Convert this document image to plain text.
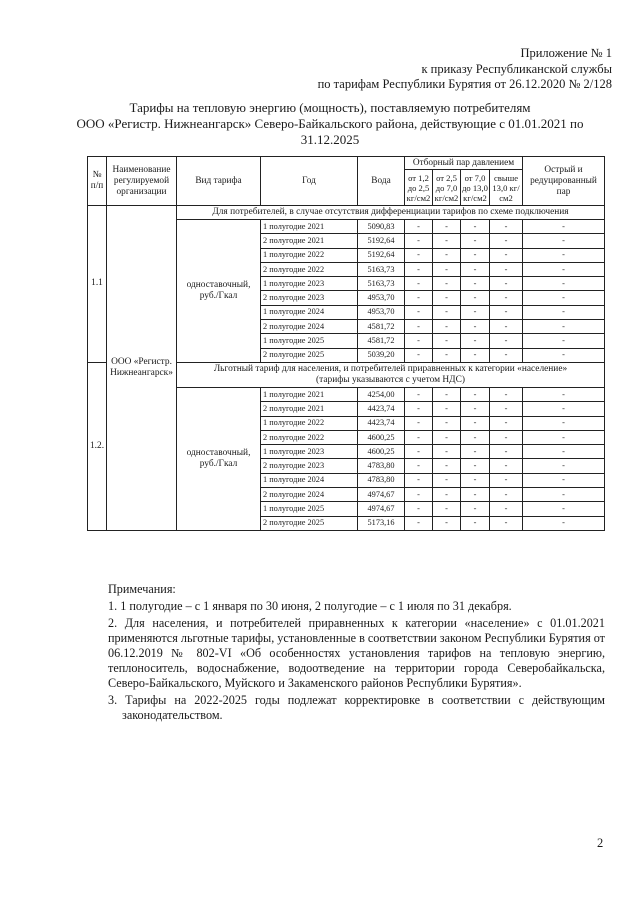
Приложение № 1
к приказу Республиканской службы
по тарифам Республики Бурятия от 26.12.2020 № 2/128
Тарифы на тепловую энергию (мощность), поставляемую потребителям
ООО «Регистр. Нижнеангарск» Северо-Байкальского района, действующие с 01.01.2021 по
31.12.2025
№ п/п	Наименование регулируемой организации	Вид тарифа	Год	Вода	Отборный пар давлением				Острый и редуцированный пар
					от 1,2 до 2,5 кг/см2	от 2,5 до 7,0 кг/см2	от 7,0 до 13,0 кг/см2	свыше 13,0 кг/см2	
1.1	ООО «Регистр. Нижнеангарск»	Для потребителей, в случае отсутствия дифференциации тарифов по схеме подключения							
		одноставочный, руб./Гкал	1 полугодие 2021	5090,83	-	-	-	-	-
			2 полугодие 2021	5192,64	-	-	-	-	-
			1 полугодие 2022	5192,64	-	-	-	-	-
			2 полугодие 2022	5163,73	-	-	-	-	-
			1 полугодие 2023	5163,73	-	-	-	-	-
			2 полугодие 2023	4953,70	-	-	-	-	-
			1 полугодие 2024	4953,70	-	-	-	-	-
			2 полугодие 2024	4581,72	-	-	-	-	-
			1 полугодие 2025	4581,72	-	-	-	-	-
			2 полугодие 2025	5039,20	-	-	-	-	-
1.2.		Льготный тариф для населения, и потребителей приравненных к категории «население»
(тарифы указываются с учетом НДС)							

		одноставочный, руб./Гкал	1 полугодие 2021	4254,00	-	-	-	-	-
			2 полугодие 2021	4423,74	-	-	-	-	-
			1 полугодие 2022	4423,74	-	-	-	-	-
			2 полугодие 2022	4600,25	-	-	-	-	-
			1 полугодие 2023	4600,25	-	-	-	-	-
			2 полугодие 2023	4783,80	-	-	-	-	-
			1 полугодие 2024	4783,80	-	-	-	-	-
			2 полугодие 2024	4974,67	-	-	-	-	-
			1 полугодие 2025	4974,67	-	-	-	-	-
			2 полугодие 2025	5173,16	-	-	-	-	-

Примечания:

1. 1 полугодие – с 1 января по 30 июня, 2 полугодие – с 1 июля по 31 декабря.

2. Для населения, и потребителей приравненных к категории «население» с 01.01.2021 применяются льготные тарифы, установленные в соответствии законом Республики Бурятия от 06.12.2019 № 802-VI «Об особенностях установления тарифов на тепловую энергию, теплоноситель, водоснабжение, водоотведение на территории города Северобайкальска, Северо-Байкальского, Муйского и Закаменского районов Республики Бурятия».

3. Тарифы на 2022-2025 годы подлежат корректировке в соответствии с действующим законодательством.

2
